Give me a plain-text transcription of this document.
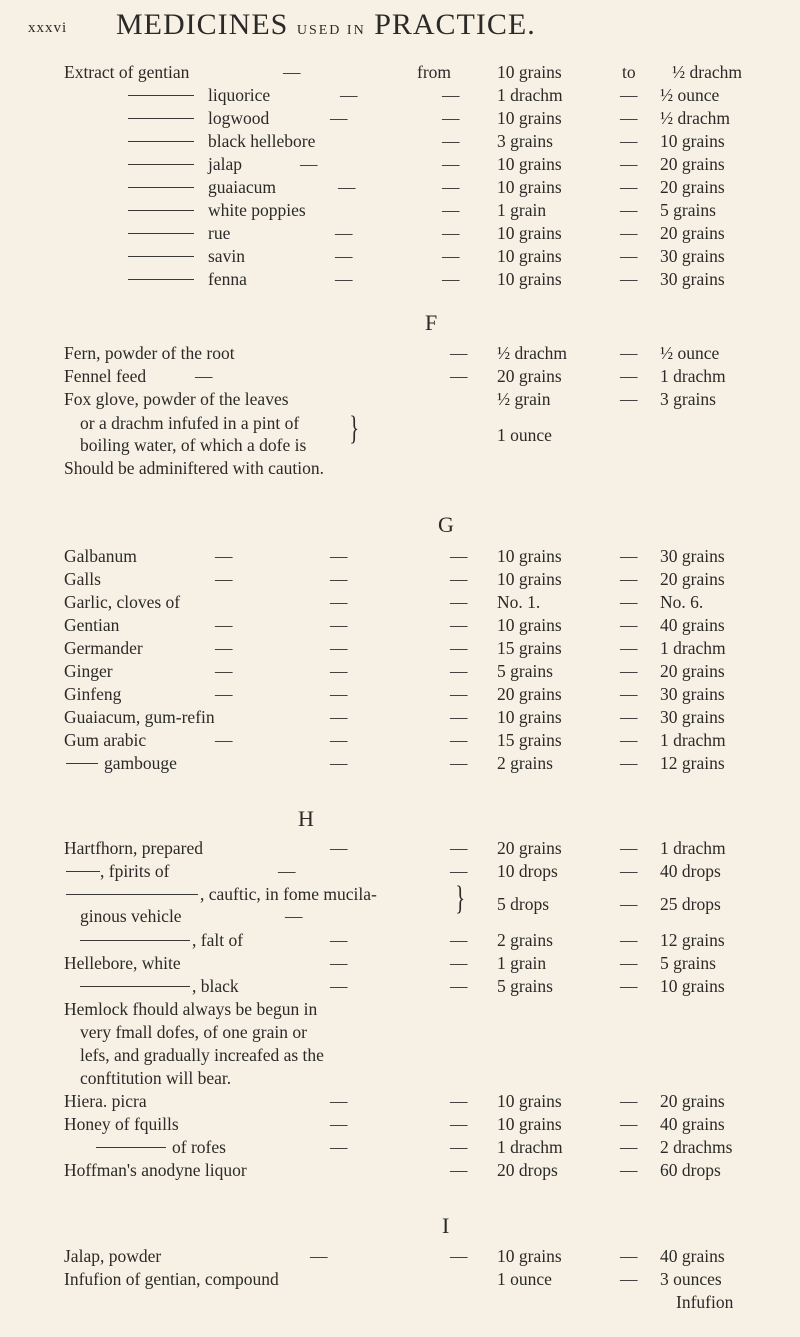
xxxvi MEDICINES USED IN PRACTICE.
Extract of gentian	—	from	10 grains	to ½ drachm
liquorice	—	— 1 drachm	— ½ ounce
logwood	—	— 10 grains	— ½ drachm
black hellebore	— 3 grains	— 10 grains
jalap	—	— 10 grains	— 20 grains
guaiacum	—	— 10 grains	— 20 grains
white poppies	— 1 grain	— 5 grains
rue	—	— 10 grains	— 20 grains
savin	—	— 10 grains	— 30 grains
fenna	—	— 10 grains	— 30 grains
F
Fern, powder of the root	— ½ drachm	— ½ ounce
Fennel feed	—	— 20 grains	— 1 drachm
Fox glove, powder of the leaves	½ grain	— 3 grains
or a drachm infufed in a pint of }	1 ounce
boiling water, of which a dofe is
Should be adminiftered with caution.
G
Galbanum	—	—	— 10 grains	— 30 grains
Galls	—	—	— 10 grains	— 20 grains
Garlic, cloves of	—	— No. 1.	— No. 6.
Gentian	—	—	— 10 grains	— 40 grains
Germander	—	—	— 15 grains	— 1 drachm
Ginger	—	—	— 5 grains	— 20 grains
Ginfeng	—	—	— 20 grains	— 30 grains
Guaiacum, gum-refin	—	— 10 grains	— 30 grains
Gum arabic	—	—	— 15 grains	— 1 drachm
gambouge	—	— 2 grains	— 12 grains
H
Hartfhorn, prepared	—	— 20 grains	— 1 drachm
, fpirits of	—	— 10 drops	— 40 drops
, cauftic, in fome mucila- } 5 drops	— 25 drops
ginous vehicle	—
, falt of	—	— 2 grains	— 12 grains
Hellebore, white	—	— 1 grain	— 5 grains
, black	—	— 5 grains	— 10 grains
Hemlock fhould always be begun in
very fmall dofes, of one grain or
lefs, and gradually increafed as the
conftitution will bear.
Hiera. picra	—	— 10 grains	— 20 grains
Honey of fquills	—	— 10 grains	— 40 grains
of rofes	—	— 1 drachm	— 2 drachms
Hoffman's anodyne liquor	— 20 drops	— 60 drops
I
Jalap, powder	—	— 10 grains	— 40 grains
Infufion of gentian, compound	1 ounce	— 3 ounces
Infufion
